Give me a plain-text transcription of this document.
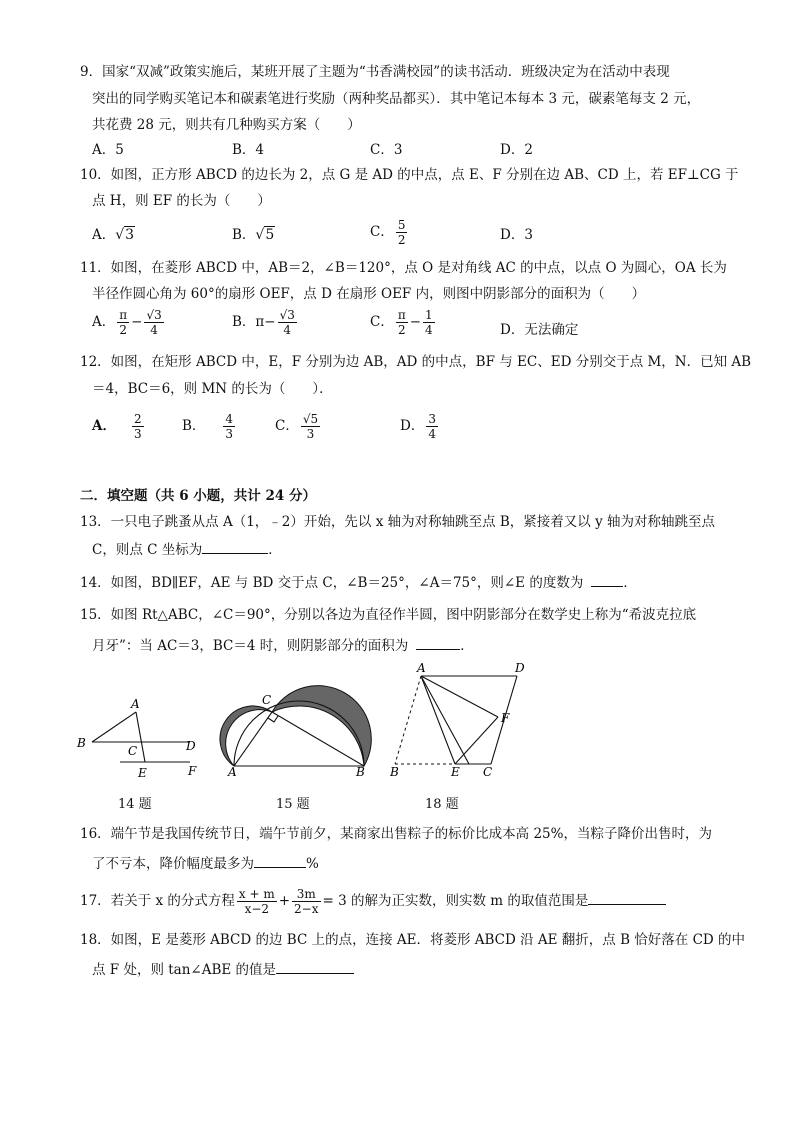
9．国家“双减”政策实施后，某班开展了主题为“书香满校园”的读书活动．班级决定为在活动中表现
突出的同学购买笔记本和碳素笔进行奖励（两种奖品都买）．其中笔记本每本 3 元，碳素笔每支 2 元，
共花费 28 元，则共有几种购买方案（　　）
A．5	B．4	C．3	D．2
10．如图，正方形 ABCD 的边长为 2，点 G 是 AD 的中点，点 E、F 分别在边 AB、CD 上，若 EF⊥CG 于
点 H，则 EF 的长为（　　）
A．√3	B．√5	C． $\frac{5}{2}$	D．3
11．如图，在菱形 ABCD 中，AB＝2，∠B＝120°，点 O 是对角线 AC 的中点，以点 O 为圆心，OA 长为
半径作圆心角为 60°的扇形 OEF，点 D 在扇形 OEF 内，则图中阴影部分的面积为（　　）
A． $\frac{\pi}{2} - \frac{√3}{4}$	B．$\pi- \frac{√3}{4}$	C． $\frac{\pi}{2} - \frac{1}{4}$	D．无法确定
12．如图，在矩形 ABCD 中，E，F 分别为边 AB，AD 的中点，BF 与 EC、ED 分别交于点 M，N．已知 AB
＝4，BC＝6，则 MN 的长为（　　）．
A． $\frac{2}{3}$	B． $\frac{4}{3}$	C． $\frac{√5}{3}$	D． $\frac{3}{4}$
二．填空题（共 6 小题，共计 24 分）
13．一只电子跳蚤从点 A（1，﹣2）开始，先以 x 轴为对称轴跳至点 B，紧接着又以 y 轴为对称轴跳至点
C，则点 C 坐标为	．
14．如图，BD∥EF，AE 与 BD 交于点 C，∠B＝25°，∠A＝75°，则∠E 的度数为	．
15．如图 Rt△ABC，∠C＝90°，分别以各边为直径作半圆，图中阴影部分在数学史上称为“希波克拉底
月牙”：当 AC＝3，BC＝4 时，则阴影部分的面积为	．
A
B
C	D
E	F
14 题
C
A	B
15 题
A	D
F
B	E C
18 题
16．端午节是我国传统节日，端午节前夕，某商家出售粽子的标价比成本高 25%，当粽子降价出售时，为
了不亏本，降价幅度最多为	%
17．若关于 x 的分式方程 $\frac{x + m}{x-2} + \frac{3m}{2-x} = 3$ 的解为正实数，则实数 m 的取值范围是
18．如图，E 是菱形 ABCD 的边 BC 上的点，连接 AE．将菱形 ABCD 沿 AE 翻折，点 B 恰好落在 CD 的中
点 F 处，则 tan∠ABE 的值是
